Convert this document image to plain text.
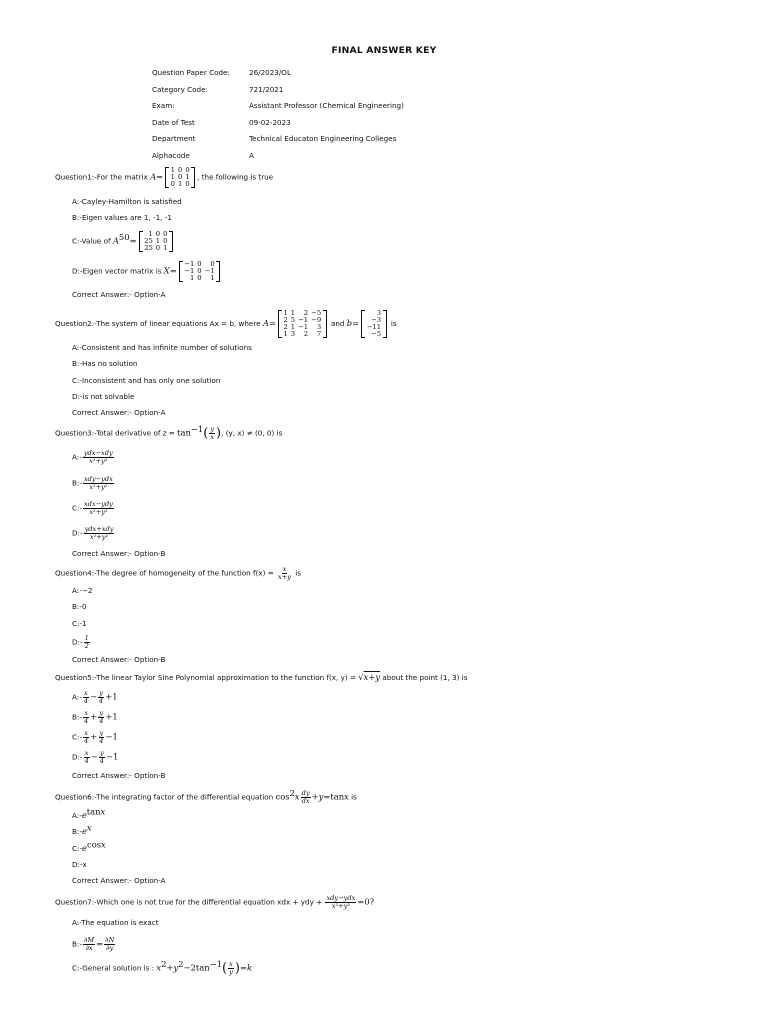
FINAL ANSWER KEY
Question Paper Code:	26/2023/OL
Category Code:	721/2021
Exam:	Assistant Professor (Chemical Engineering)
Date of Test	09-02-2023
Department	Technical Educaton Engineering Colleges
Alphacode	A
Question1:-For the matrix A=
1	0	0
1	0	1
0	1	0
, the following is true
A:-Cayley-Hamilton is satisfied
B:-Eigen values are 1, -1, -1
C:-Value of $A^{50}=$
1	0	0
25	1	0
25	0	1
D:-Eigen vector matrix is X=
−1	0	0
−1	0	−1
1	0	1
Correct Answer:- Option-A
Question2:-The system of linear equations Ax = b, where A=
1	1	2	−5
2	5	−1	−9
2	1	−1	3
1	3	2	7
and b=
3
−3
−11
−5
is
A:-Consistent and has infinite number of solutions
B:-Has no solution
C:-Inconsistent and has only one solution
D:-is not solvable
Correct Answer:- Option-A
Question3:-Total derivative of $z = \tan^{-1}( \frac{y}{x}$ ), (y, x) ≠ (0, 0) is
A:- $\frac{\text{ydx−xdy}}{\text{x²+y²}}$
B:- $\frac{\text{xdy−ydx}}{\text{x²+y²}}$
C:- $\frac{\text{xdx−ydy}}{\text{x²+y²}}$
D:- $\frac{\text{ydx+xdy}}{\text{x²+y²}}$
Correct Answer:- Option-B
Question4:-The degree of homogeneity of the function $f(x) = \frac{x}{x+y}$ is
A:-−2
B:-0
C:-1
D:- $\frac{1}{2}$
Correct Answer:- Option-B
Question5:-The linear Taylor Sine Polynomial approximation to the function f(x, y) = √x+y about the point (1, 3) is
A:- $\frac{x}{4} - \frac{y}{4} +1$
B:- $\frac{x}{4} + \frac{y}{4} +1$
C:- $\frac{x}{4} + \frac{y}{4} -1$
D:- $\frac{x}{4} - \frac{y}{4} -1$
Correct Answer:- Option-B
Question6:-The integrating factor of the differential equation $\cos^2x \frac{dy}{dx} +y=\tan x$ is
$A:-e^{tanx}$
$B:-e^x$
$C:-e^{cosx}$
D:-x
Correct Answer:- Option-A
Question7:-Which one is not true for the differential equation xdx + ydy + $\frac{\text{xdy−ydx}}{\text{x²+y²}} =0$?
A:-The equation is exact
B:- $\frac{\partial M}{\partial x} = \frac{\partial N}{\partial y}$
C:-General solution is : $x^2+y^2-2\tan^{-1}( \frac{x}{y} )=k$
